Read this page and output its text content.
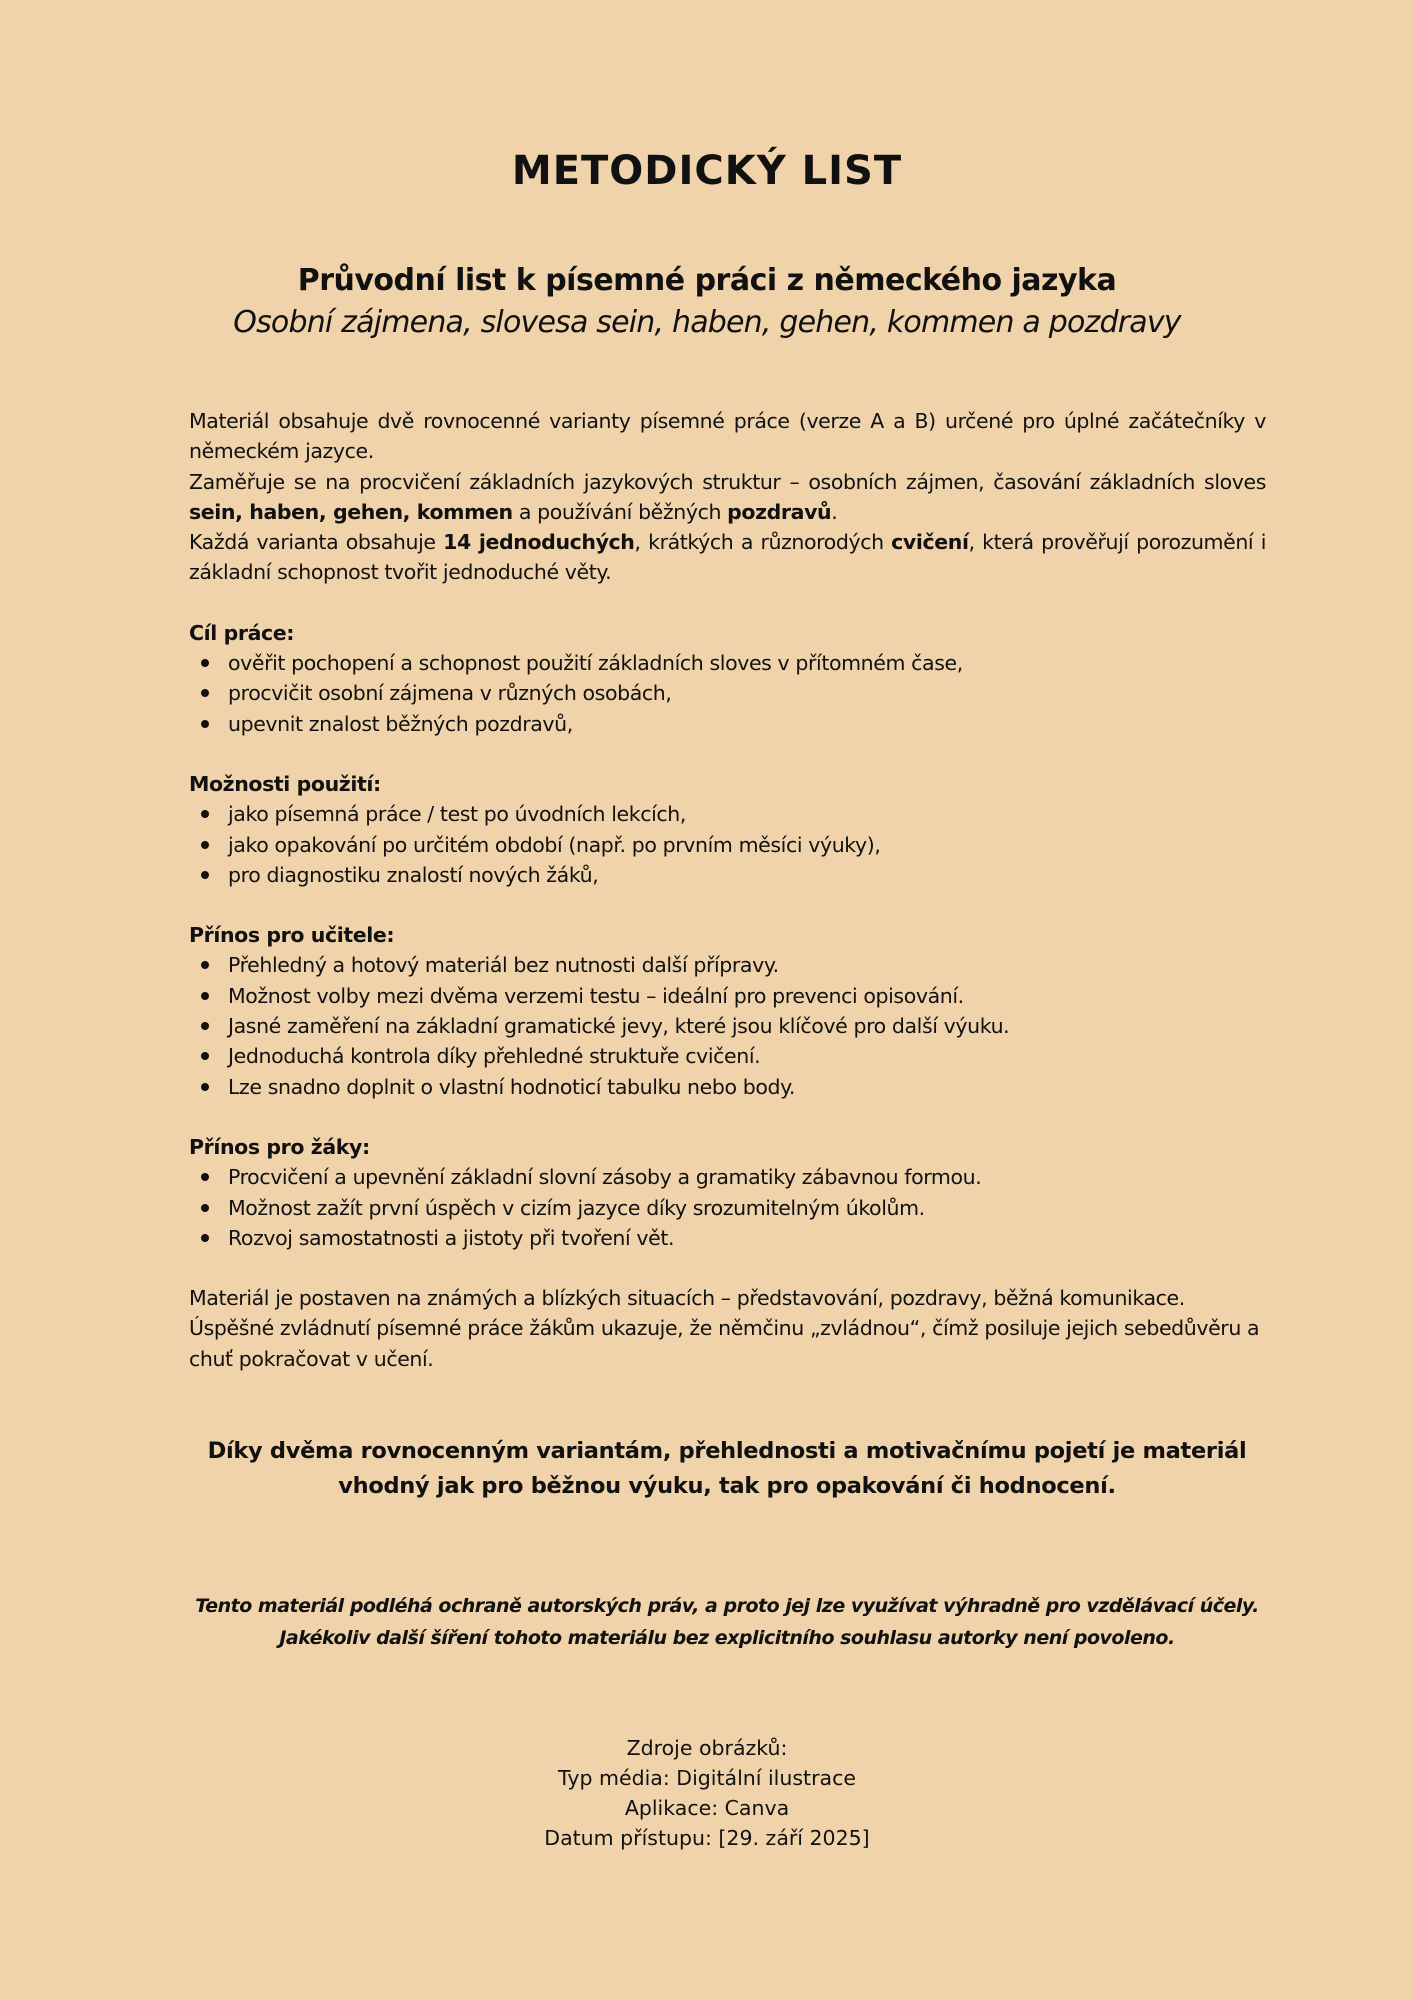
METODICKÝ LIST
Průvodní list k písemné práci z německého jazyka
Osobní zájmena, slovesa sein, haben, gehen, kommen a pozdravy

Materiál obsahuje dvě rovnocenné varianty písemné práce (verze A a B) určené pro úplné začátečníky v německém jazyce.

Zaměřuje se na procvičení základních jazykových struktur – osobních zájmen, časování základních sloves sein, haben, gehen, kommen a používání běžných pozdravů.

Každá varianta obsahuje 14 jednoduchých, krátkých a různorodých cvičení, která prověřují porozumění i základní schopnost tvořit jednoduché věty.

Cíl práce:

ověřit pochopení a schopnost použití základních sloves v přítomném čase,
procvičit osobní zájmena v různých osobách,
upevnit znalost běžných pozdravů,

Možnosti použití:

jako písemná práce / test po úvodních lekcích,
jako opakování po určitém období (např. po prvním měsíci výuky),
pro diagnostiku znalostí nových žáků,

Přínos pro učitele:

Přehledný a hotový materiál bez nutnosti další přípravy.
Možnost volby mezi dvěma verzemi testu – ideální pro prevenci opisování.
Jasné zaměření na základní gramatické jevy, které jsou klíčové pro další výuku.
Jednoduchá kontrola díky přehledné struktuře cvičení.
Lze snadno doplnit o vlastní hodnoticí tabulku nebo body.

Přínos pro žáky:

Procvičení a upevnění základní slovní zásoby a gramatiky zábavnou formou.
Možnost zažít první úspěch v cizím jazyce díky srozumitelným úkolům.
Rozvoj samostatnosti a jistoty při tvoření vět.

Materiál je postaven na známých a blízkých situacích – představování, pozdravy, běžná komunikace.

Úspěšné zvládnutí písemné práce žákům ukazuje, že němčinu „zvládnou“, čímž posiluje jejich sebedůvěru a chuť pokračovat v učení.

Díky dvěma rovnocenným variantám, přehlednosti a motivačnímu pojetí je materiál vhodný jak pro běžnou výuku, tak pro opakování či hodnocení.
Tento materiál podléhá ochraně autorských práv, a proto jej lze využívat výhradně pro vzdělávací účely. Jakékoliv další šíření tohoto materiálu bez explicitního souhlasu autorky není povoleno.
Zdroje obrázků:
Typ média: Digitální ilustrace
Aplikace: Canva
Datum přístupu: [29. září 2025]
